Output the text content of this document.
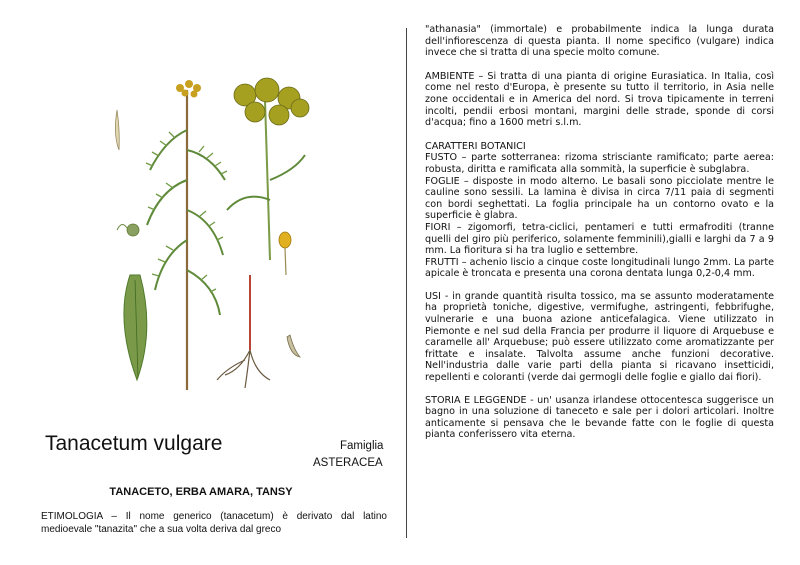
Tanacetum vulgare	Famiglia
ASTERACEA
TANACETO, ERBA AMARA, TANSY
ETIMOLOGIA – Il nome generico (tanacetum) è derivato dal latino medioevale "tanazita" che a sua volta deriva dal greco

"athanasia" (immortale) e probabilmente indica la lunga durata dell'infiorescenza di questa pianta. Il nome specifico (vulgare) indica invece che si tratta di una specie molto comune.

AMBIENTE – Si tratta di una pianta di origine Eurasiatica. In Italia, così come nel resto d'Europa, è presente su tutto il territorio, in Asia nelle zone occidentali e in America del nord. Si trova tipicamente in terreni incolti, pendii erbosi montani, margini delle strade, sponde di corsi d'acqua; fino a 1600 metri s.l.m.

CARATTERI BOTANICI

FUSTO – parte sotterranea: rizoma strisciante ramificato; parte aerea: robusta, diritta e ramificata alla sommità, la superficie è subglabra.

FOGLIE – disposte in modo alterno. Le basali sono picciolate mentre le cauline sono sessili. La lamina è divisa in circa 7/11 paia di segmenti con bordi seghettati. La foglia principale ha un contorno ovato e la superficie è glabra.

FIORI – zigomorfi, tetra-ciclici, pentameri e tutti ermafroditi (tranne quelli del giro più periferico, solamente femminili),gialli e larghi da 7 a 9 mm. La fioritura si ha tra luglio e settembre.

FRUTTI – achenio liscio a cinque coste longitudinali lungo 2mm. La parte apicale è troncata e presenta una corona dentata lunga 0,2-0,4 mm.

USI - in grande quantità risulta tossico, ma se assunto moderatamente ha proprietà toniche, digestive, vermifughe, astringenti, febbrifughe, vulnerarie e una buona azione anticefalagica. Viene utilizzato in Piemonte e nel sud della Francia per produrre il liquore di Arquebuse e caramelle all' Arquebuse; può essere utilizzato come aromatizzante per frittate e insalate. Talvolta assume anche funzioni decorative. Nell'industria dalle varie parti della pianta si ricavano insetticidi, repellenti e coloranti (verde dai germogli delle foglie e giallo dai fiori).

STORIA E LEGGENDE - un' usanza irlandese ottocentesca suggerisce un bagno in una soluzione di taneceto e sale per i dolori articolari. Inoltre anticamente si pensava che le bevande fatte con le foglie di questa pianta conferissero vita eterna.
